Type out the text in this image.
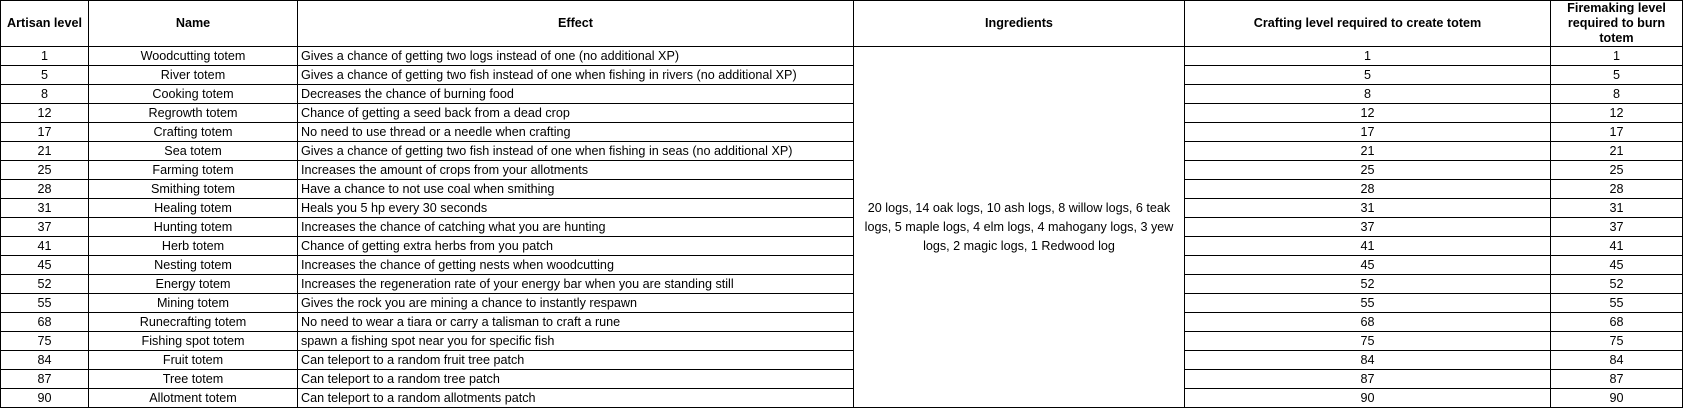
Artisan level	Name	Effect	Ingredients	Crafting level required to create totem	Firemaking level required to burn totem
1	Woodcutting totem	Gives a chance of getting two logs instead of one (no additional XP)	20 logs, 14 oak logs, 10 ash logs, 8 willow logs, 6 teak logs, 5 maple logs, 4 elm logs, 4 mahogany logs, 3 yew logs, 2 magic logs, 1 Redwood log	1	1
5	River totem	Gives a chance of getting two fish instead of one when fishing in rivers (no additional XP)		5	5
8	Cooking totem	Decreases the chance of burning food		8	8
12	Regrowth totem	Chance of getting a seed back from a dead crop		12	12
17	Crafting totem	No need to use thread or a needle when crafting		17	17
21	Sea totem	Gives a chance of getting two fish instead of one when fishing in seas (no additional XP)		21	21
25	Farming totem	Increases the amount of crops from your allotments		25	25
28	Smithing totem	Have a chance to not use coal when smithing		28	28
31	Healing totem	Heals you 5 hp every 30 seconds		31	31
37	Hunting totem	Increases the chance of catching what you are hunting		37	37
41	Herb totem	Chance of getting extra herbs from you patch		41	41
45	Nesting totem	Increases the chance of getting nests when woodcutting		45	45
52	Energy totem	Increases the regeneration rate of your energy bar when you are standing still		52	52
55	Mining totem	Gives the rock you are mining a chance to instantly respawn		55	55
68	Runecrafting totem	No need to wear a tiara or carry a talisman to craft a rune		68	68
75	Fishing spot totem	spawn a fishing spot near you for specific fish		75	75
84	Fruit totem	Can teleport to a random fruit tree patch		84	84
87	Tree totem	Can teleport to a random tree patch		87	87
90	Allotment totem	Can teleport to a random allotments patch		90	90
